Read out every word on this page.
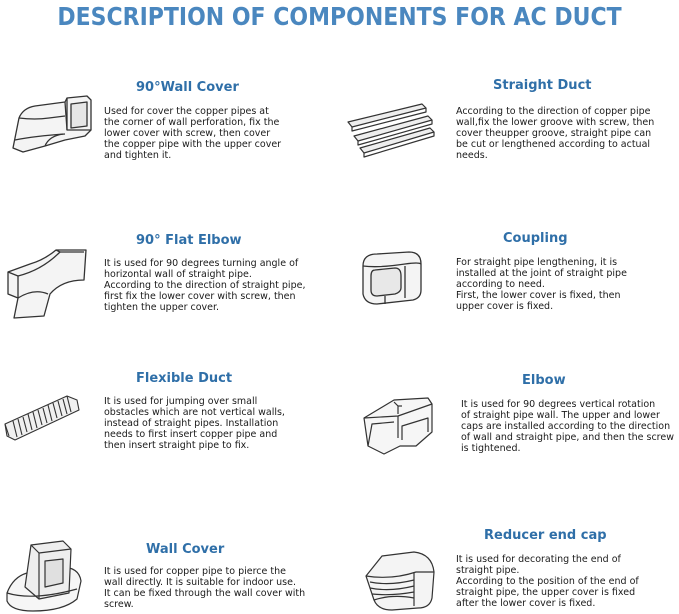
DESCRIPTION OF COMPONENTS FOR AC DUCT
90°Wall Cover
Used for cover the copper pipes at
the corner of wall perforation, fix the
lower cover with screw, then cover
the copper pipe with the upper cover
and tighten it.
Straight Duct
According to the direction of copper pipe
wall,fix the lower groove with screw, then
cover theupper groove, straight pipe can
be cut or lengthened according to actual
needs.
90° Flat Elbow
It is used for 90 degrees turning angle of
horizontal wall of straight pipe.
According to the direction of straight pipe,
first fix the lower cover with screw, then
tighten the upper cover.
Coupling
For straight pipe lengthening, it is
installed at the joint of straight pipe
according to need.
First, the lower cover is fixed, then
upper cover is fixed.
Flexible Duct
It is used for jumping over small
obstacles which are not vertical walls,
instead of straight pipes. Installation
needs to first insert copper pipe and
then insert straight pipe to fix.
Elbow
It is used for 90 degrees vertical rotation
of straight pipe wall. The upper and lower
caps are installed according to the direction
of wall and straight pipe, and then the screw
is tightened.
Wall Cover
It is used for copper pipe to pierce the
wall directly. It is suitable for indoor use.
It can be fixed through the wall cover with
screw.
Reducer end cap
It is used for decorating the end of
straight pipe.
According to the position of the end of
straight pipe, the upper cover is fixed
after the lower cover is fixed.
